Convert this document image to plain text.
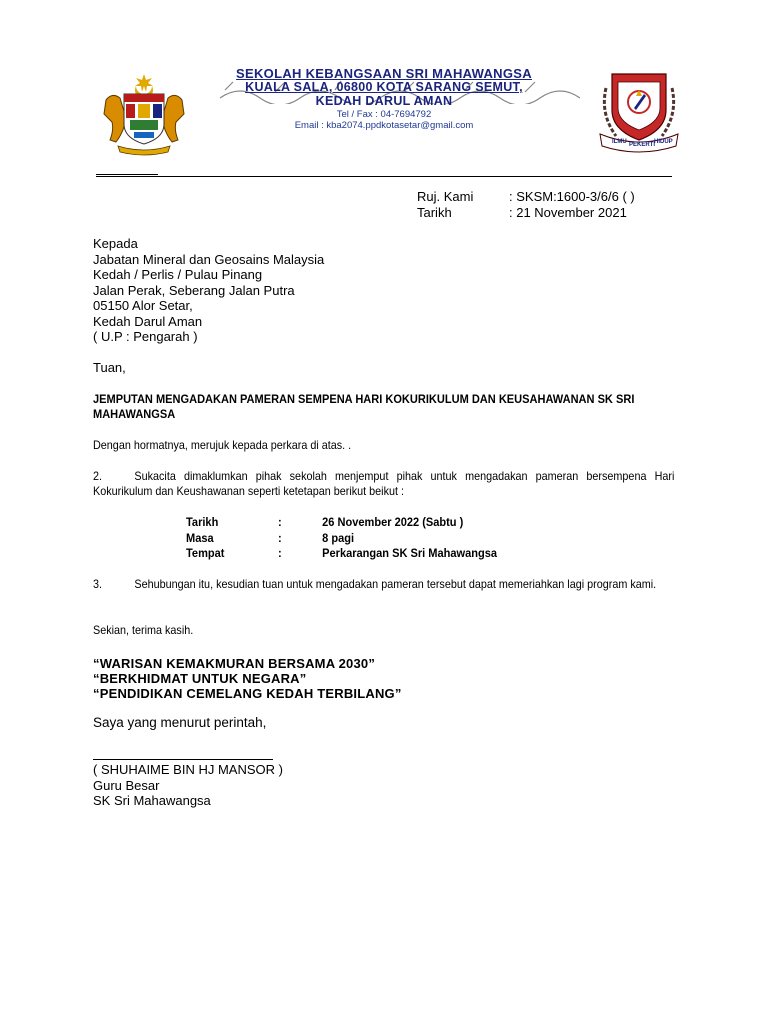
ILMU PEKERTI
HIDUP
SEKOLAH KEBANGSAAN SRI MAHAWANGSA
KUALA SALA, 06800 KOTA SARANG SEMUT,
KEDAH DARUL AMAN
Tel / Fax : 04-7694792
Email : kba2074.ppdkotasetar@gmail.com
Ruj. Kami	: SKSM:1600-3/6/6 ( )
Tarikh	: 21 November 2021
Kepada
Jabatan Mineral dan Geosains Malaysia
Kedah / Perlis / Pulau Pinang
Jalan Perak, Seberang Jalan Putra
05150 Alor Setar,
Kedah Darul Aman
( U.P : Pengarah )
Tuan,
JEMPUTAN MENGADAKAN PAMERAN SEMPENA HARI KOKURIKULUM DAN KEUSAHAWANAN SK SRI MAHAWANGSA
Dengan hormatnya, merujuk kepada perkara di atas. .
2.	Sukacita dimaklumkan pihak sekolah menjemput pihak untuk mengadakan pameran bersempena Hari Kokurikulum dan Keushawanan seperti ketetapan berikut beikut :
Tarikh	:	26 November 2022 (Sabtu )
Masa	:	8 pagi
Tempat	:	Perkarangan SK Sri Mahawangsa
3.	Sehubungan itu, kesudian tuan untuk mengadakan pameran tersebut dapat memeriahkan lagi program kami.
Sekian, terima kasih.
“WARISAN KEMAKMURAN BERSAMA 2030”
“BERKHIDMAT UNTUK NEGARA”
“PENDIDIKAN CEMELANG KEDAH TERBILANG”
Saya yang menurut perintah,
( SHUHAIME BIN HJ MANSOR )
Guru Besar
SK Sri Mahawangsa
